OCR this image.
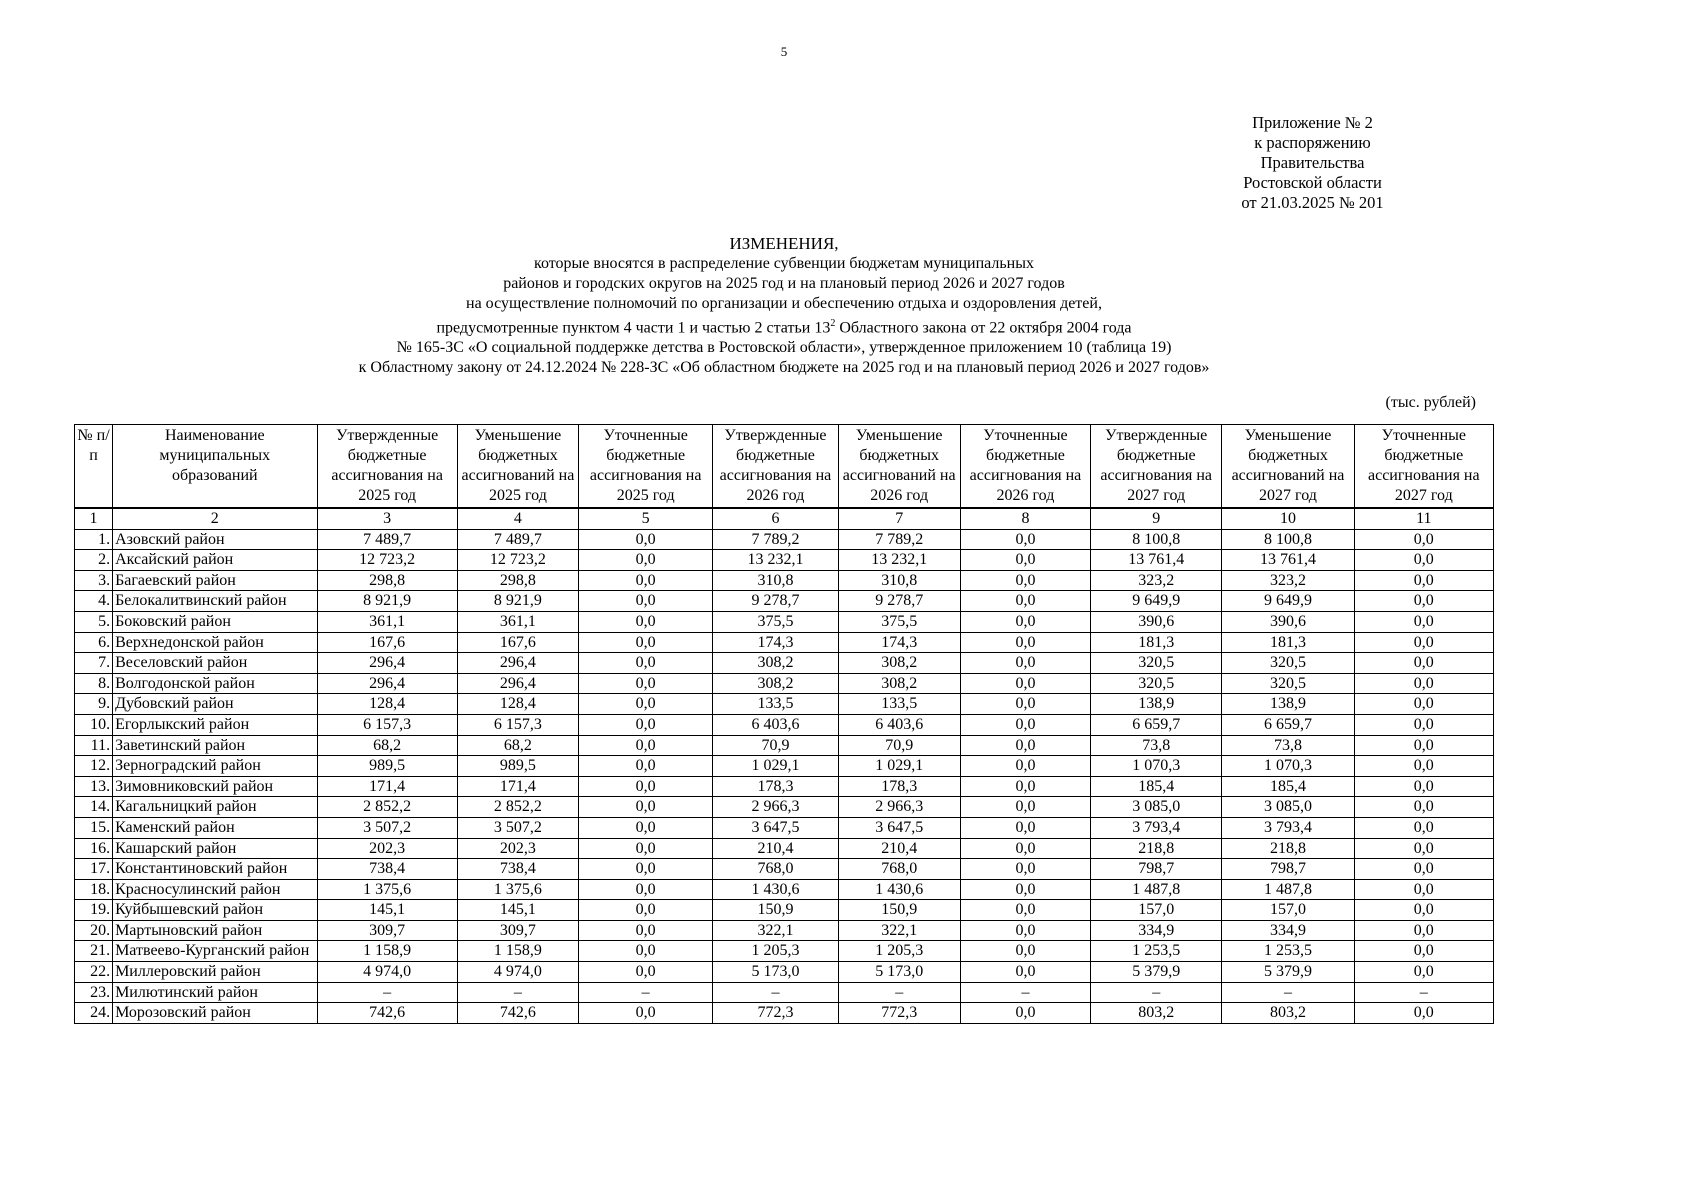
5
Приложение № 2
к распоряжению
Правительства
Ростовской области
от 21.03.2025 № 201
ИЗМЕНЕНИЯ,
которые вносятся в распределение субвенции бюджетам муниципальных
районов и городских округов на 2025 год и на плановый период 2026 и 2027 годов
на осуществление полномочий по организации и обеспечению отдыха и оздоровления детей,
предусмотренные пунктом 4 части 1 и частью 2 статьи $13^2$ Областного закона от 22 октября 2004 года
№ 165-ЗС «О социальной поддержке детства в Ростовской области», утвержденное приложением 10 (таблица 19)
к Областному закону от 24.12.2024 № 228-ЗС «Об областном бюджете на 2025 год и на плановый период 2026 и 2027 годов»
(тыс. рублей)
№ п/п	Наименование муниципальных образований	Утвержденные бюджетные ассигнования на 2025 год	Уменьшение бюджетных ассигнований на 2025 год	Уточненные бюджетные ассигнования на 2025 год	Утвержденные бюджетные ассигнования на 2026 год	Уменьшение бюджетных ассигнований на 2026 год	Уточненные бюджетные ассигнования на 2026 год	Утвержденные бюджетные ассигнования на 2027 год	Уменьшение бюджетных ассигнований на 2027 год	Уточненные бюджетные ассигнования на 2027 год
1	2	3	4	5	6	7	8	9	10	11
1.	Азовский район	7 489,7	7 489,7	0,0	7 789,2	7 789,2	0,0	8 100,8	8 100,8	0,0
2.	Аксайский район	12 723,2	12 723,2	0,0	13 232,1	13 232,1	0,0	13 761,4	13 761,4	0,0
3.	Багаевский район	298,8	298,8	0,0	310,8	310,8	0,0	323,2	323,2	0,0
4.	Белокалитвинский район	8 921,9	8 921,9	0,0	9 278,7	9 278,7	0,0	9 649,9	9 649,9	0,0
5.	Боковский район	361,1	361,1	0,0	375,5	375,5	0,0	390,6	390,6	0,0
6.	Верхнедонской район	167,6	167,6	0,0	174,3	174,3	0,0	181,3	181,3	0,0
7.	Веселовский район	296,4	296,4	0,0	308,2	308,2	0,0	320,5	320,5	0,0
8.	Волгодонской район	296,4	296,4	0,0	308,2	308,2	0,0	320,5	320,5	0,0
9.	Дубовский район	128,4	128,4	0,0	133,5	133,5	0,0	138,9	138,9	0,0
10.	Егорлыкский район	6 157,3	6 157,3	0,0	6 403,6	6 403,6	0,0	6 659,7	6 659,7	0,0
11.	Заветинский район	68,2	68,2	0,0	70,9	70,9	0,0	73,8	73,8	0,0
12.	Зерноградский район	989,5	989,5	0,0	1 029,1	1 029,1	0,0	1 070,3	1 070,3	0,0
13.	Зимовниковский район	171,4	171,4	0,0	178,3	178,3	0,0	185,4	185,4	0,0
14.	Кагальницкий район	2 852,2	2 852,2	0,0	2 966,3	2 966,3	0,0	3 085,0	3 085,0	0,0
15.	Каменский район	3 507,2	3 507,2	0,0	3 647,5	3 647,5	0,0	3 793,4	3 793,4	0,0
16.	Кашарский район	202,3	202,3	0,0	210,4	210,4	0,0	218,8	218,8	0,0
17.	Константиновский район	738,4	738,4	0,0	768,0	768,0	0,0	798,7	798,7	0,0
18.	Красносулинский район	1 375,6	1 375,6	0,0	1 430,6	1 430,6	0,0	1 487,8	1 487,8	0,0
19.	Куйбышевский район	145,1	145,1	0,0	150,9	150,9	0,0	157,0	157,0	0,0
20.	Мартыновский район	309,7	309,7	0,0	322,1	322,1	0,0	334,9	334,9	0,0
21.	Матвеево-Курганский район	1 158,9	1 158,9	0,0	1 205,3	1 205,3	0,0	1 253,5	1 253,5	0,0
22.	Миллеровский район	4 974,0	4 974,0	0,0	5 173,0	5 173,0	0,0	5 379,9	5 379,9	0,0
23.	Милютинский район	–	–	–	–	–	–	–	–	–
24.	Морозовский район	742,6	742,6	0,0	772,3	772,3	0,0	803,2	803,2	0,0
